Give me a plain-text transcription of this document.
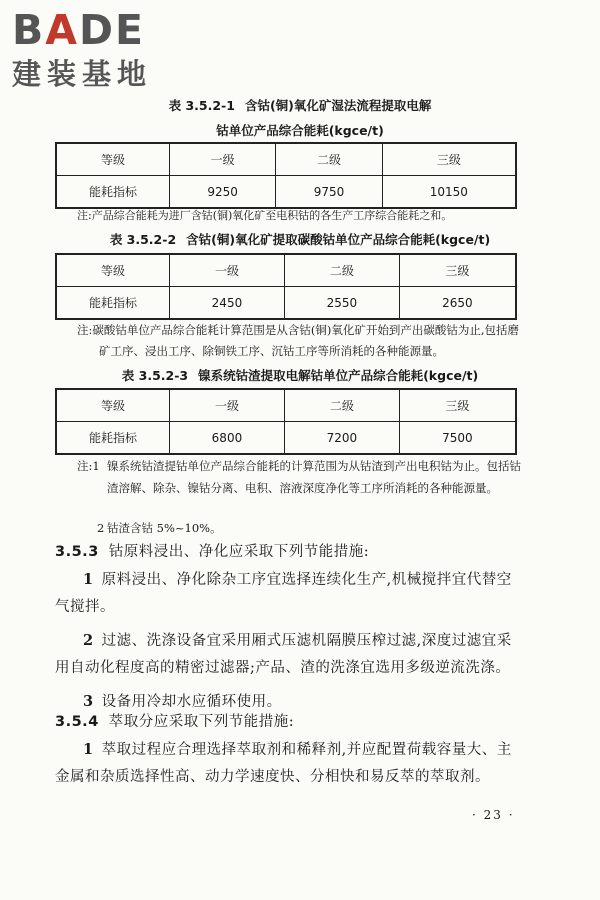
BADE
建装基地
表 3.5.2-1 含钴(铜)氧化矿湿法流程提取电解
钴单位产品综合能耗(kgce/t)
等级	一级	二级	三级
能耗指标	9250	9750	10150
注:产品综合能耗为进厂含钴(铜)氧化矿至电积钴的各生产工序综合能耗之和。
表 3.5.2-2 含钴(铜)氧化矿提取碳酸钴单位产品综合能耗(kgce/t)
等级	一级	二级	三级
能耗指标	2450	2550	2650
注:碳酸钴单位产品综合能耗计算范围是从含钴(铜)氧化矿开始到产出碳酸钴为止,包括磨矿工序、浸出工序、除铜铁工序、沉钴工序等所消耗的各种能源量。
表 3.5.2-3 镍系统钴渣提取电解钴单位产品综合能耗(kgce/t)
等级	一级	二级	三级
能耗指标	6800	7200	7500
注:1 镍系统钴渣提钴单位产品综合能耗的计算范围为从钴渣到产出电积钴为止。包括钴渣溶解、除杂、镍钴分离、电积、溶液深度净化等工序所消耗的各种能源量。
2 钴渣含钴 5%~10%。

3.5.3 钴原料浸出、净化应采取下列节能措施:

1 原料浸出、净化除杂工序宜选择连续化生产,机械搅拌宜代替空气搅拌。

2 过滤、洗涤设备宜采用厢式压滤机隔膜压榨过滤,深度过滤宜采用自动化程度高的精密过滤器;产品、渣的洗涤宜选用多级逆流洗涤。

3 设备用冷却水应循环使用。

3.5.4 萃取分应采取下列节能措施:

1 萃取过程应合理选择萃取剂和稀释剂,并应配置荷载容量大、主金属和杂质选择性高、动力学速度快、分相快和易反萃的萃取剂。

· 23 ·
